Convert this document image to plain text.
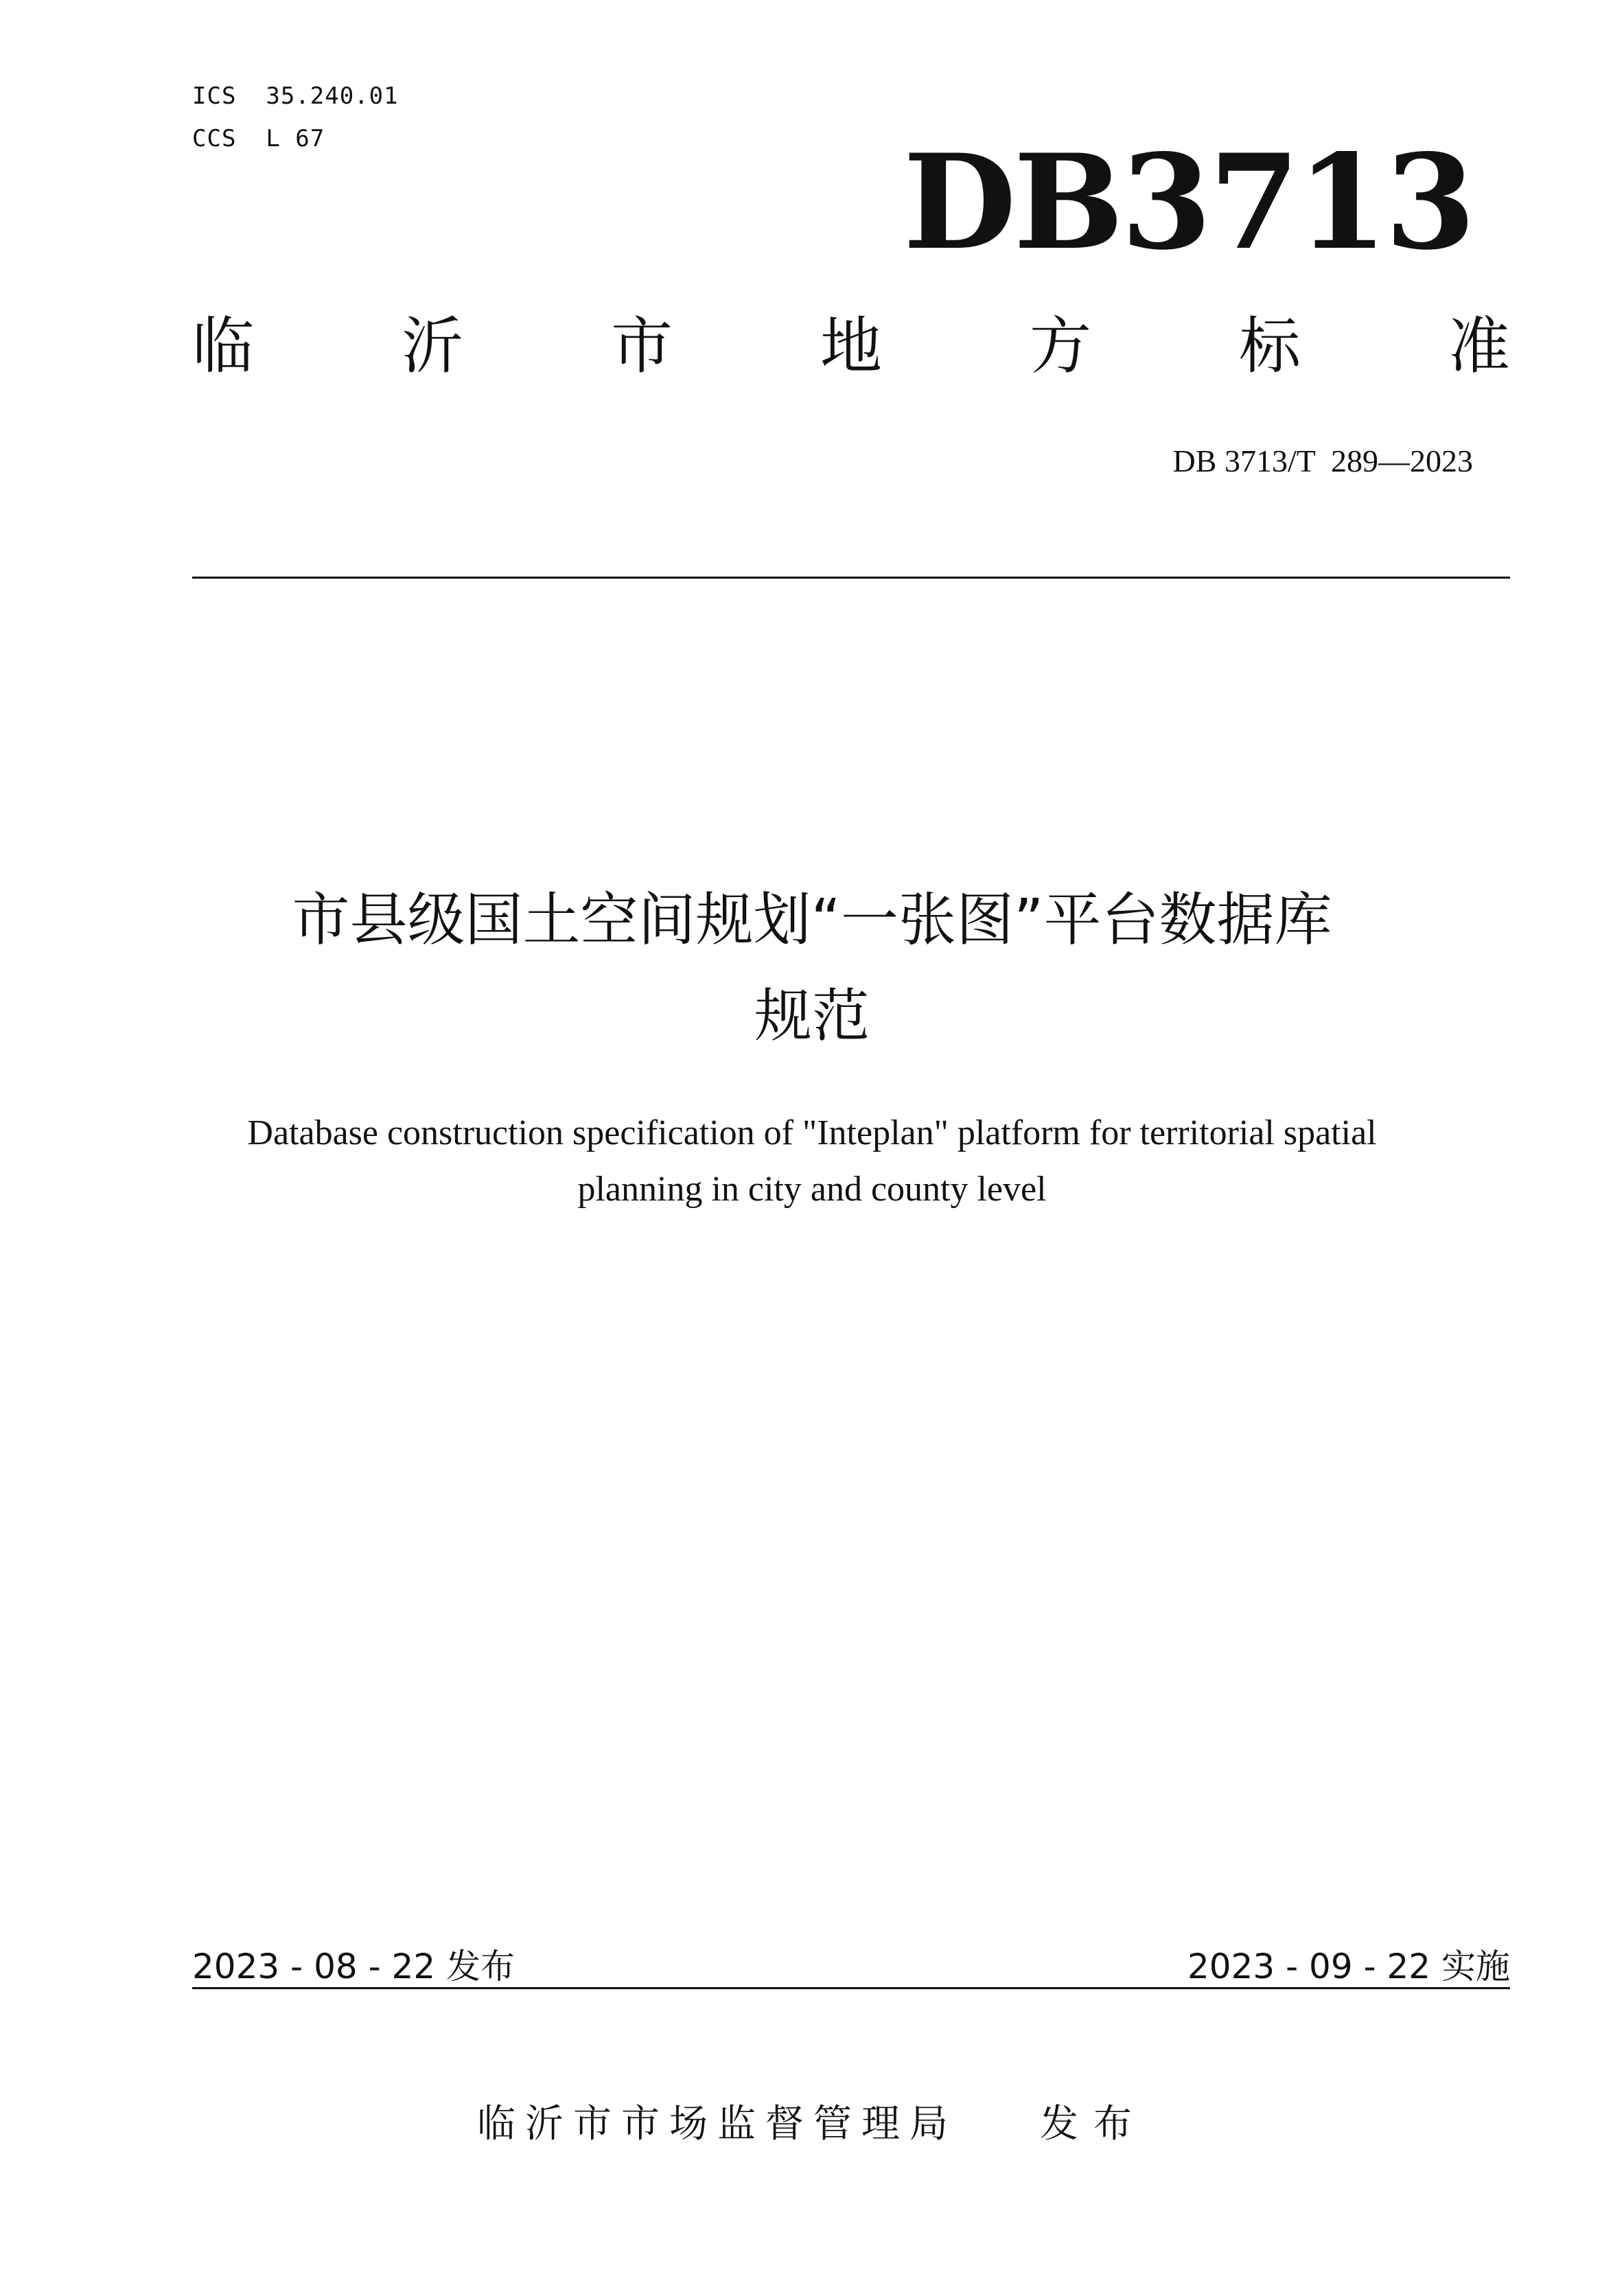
ICS  35.240.01
CCS  L 67	DB3713
临 沂 市 地 方 标 准
DB 3713/T  289—2023
市县级国土空间规划“一张图”平台数据库
规范
Database construction specification of "Inteplan" platform for territorial spatial
planning in city and county level
2023 - 08 - 22 发布	2023 - 09 - 22 实施
临沂市市场监督管理局 发布
